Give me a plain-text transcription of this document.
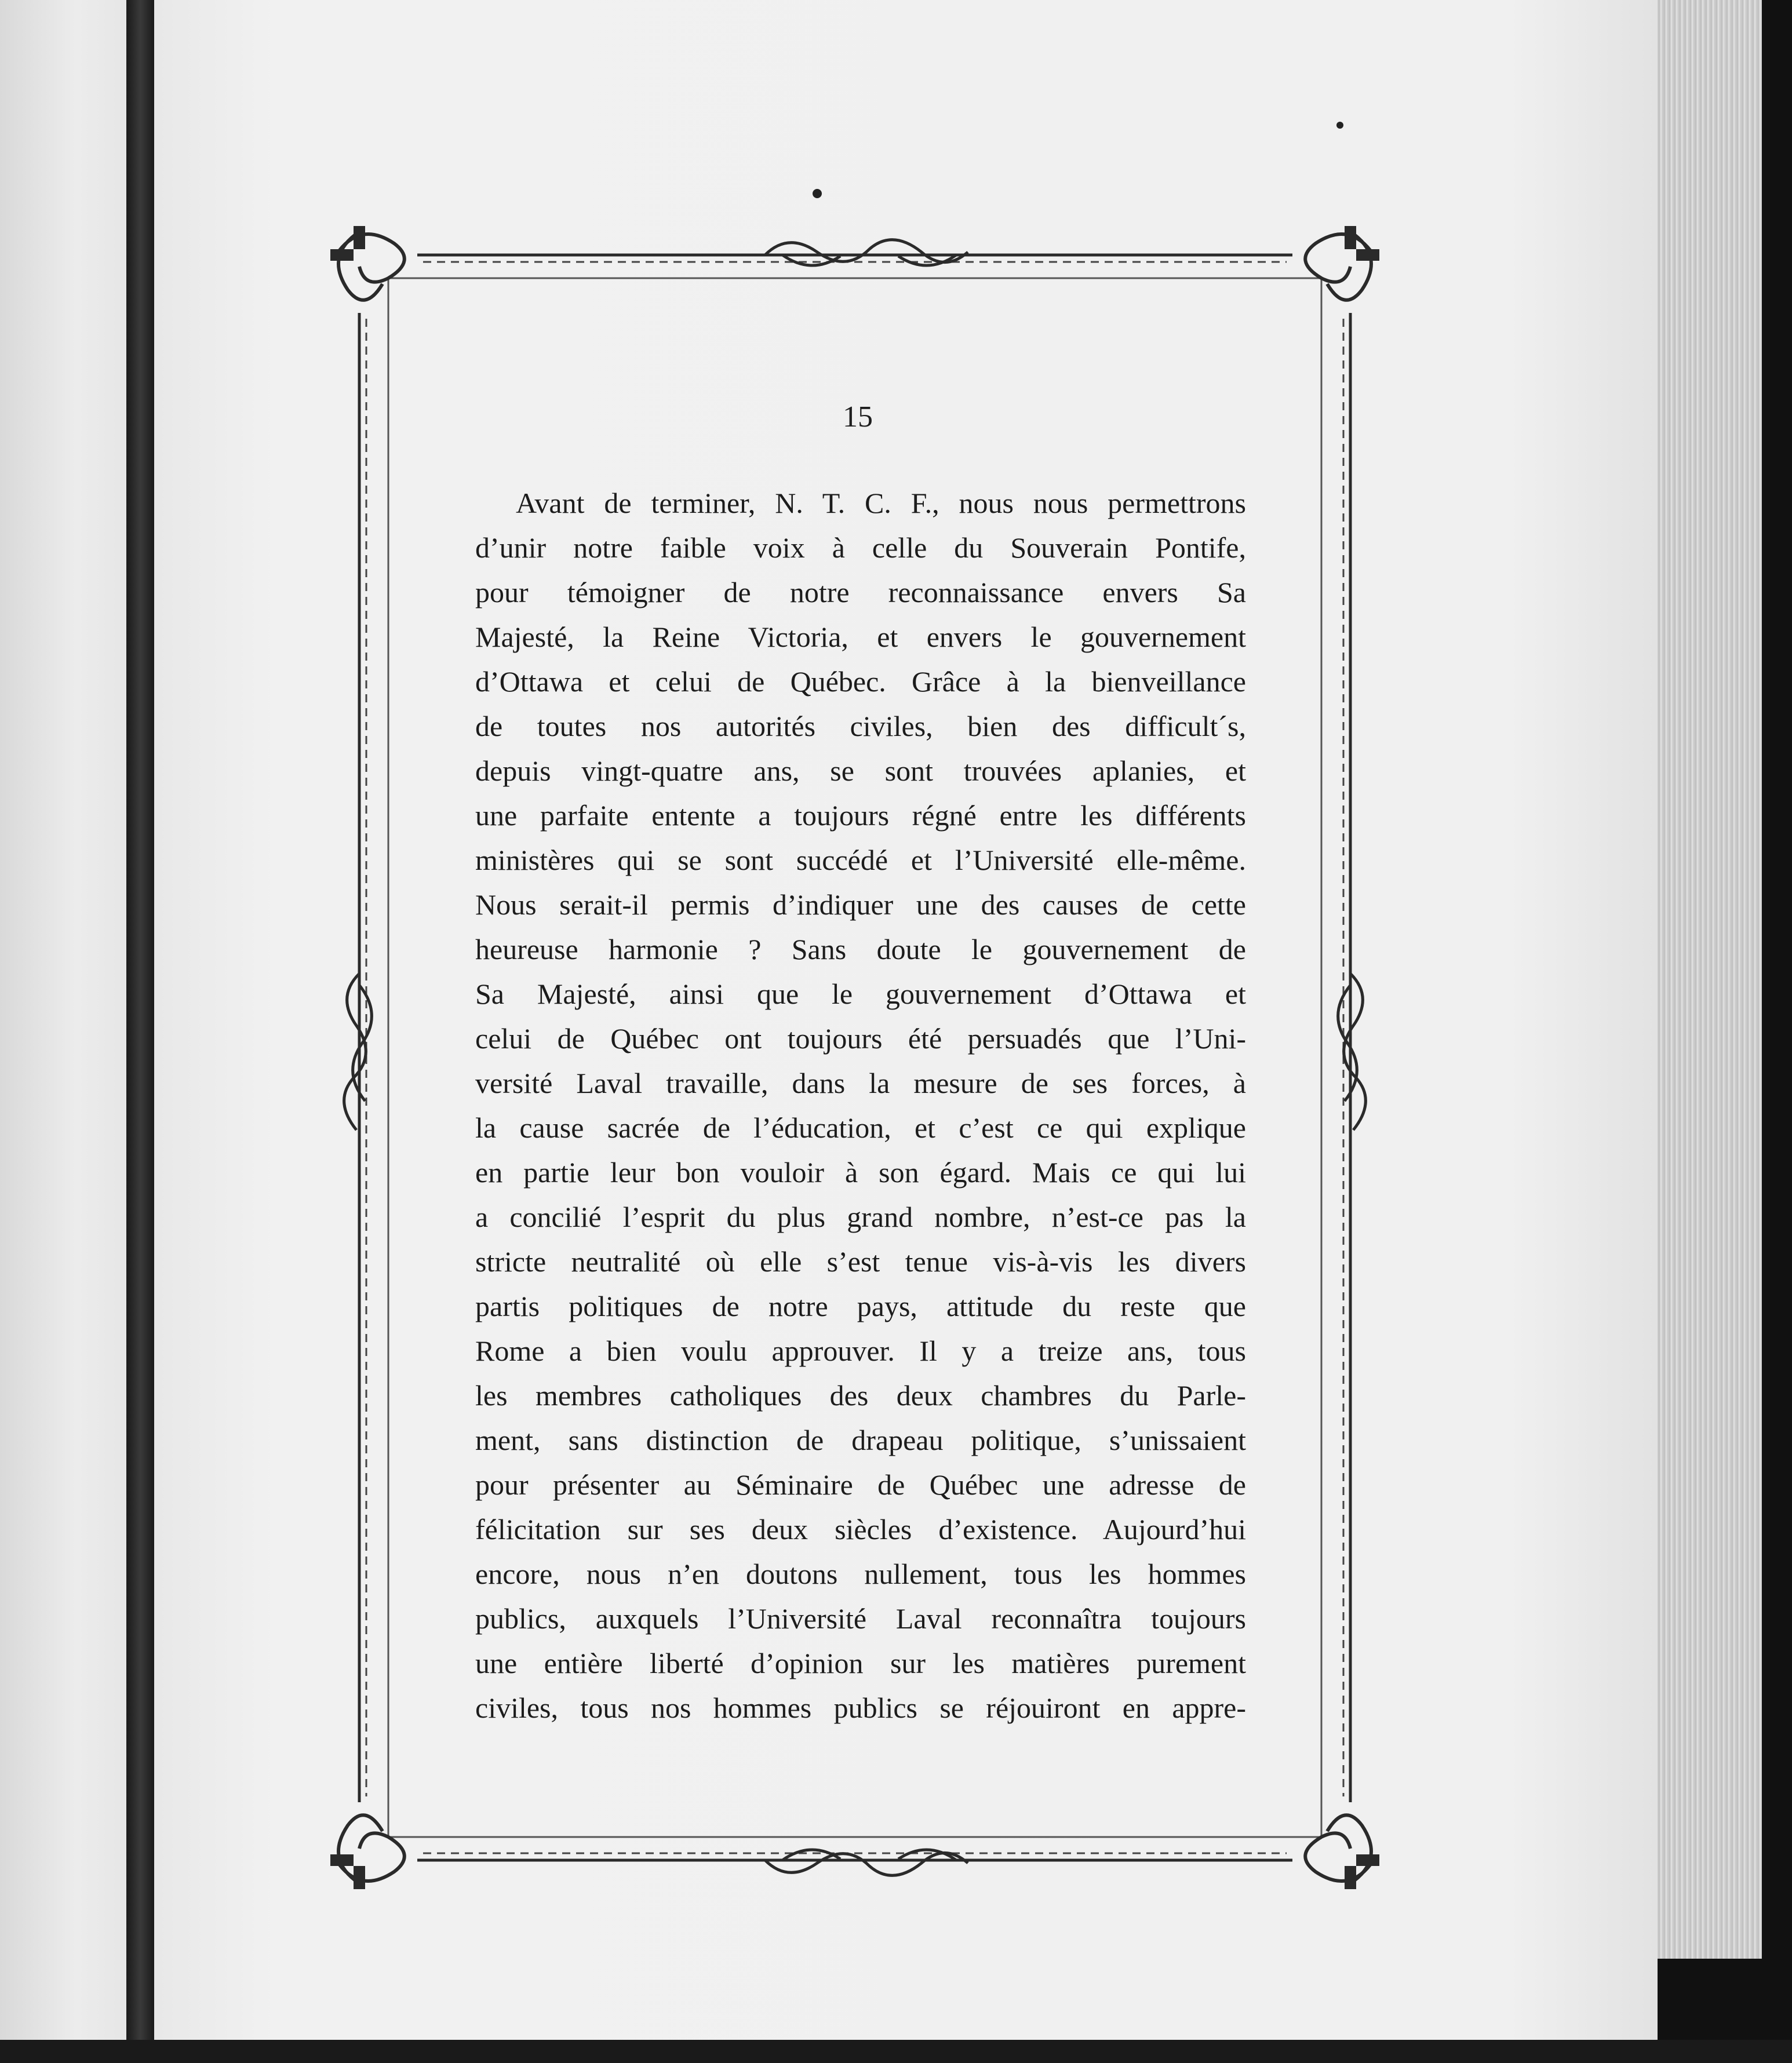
15
Avant de terminer, N. T. C. F., nous nous permettrons
d’unir notre faible voix à celle du Souverain Pontife,
pour témoigner de notre reconnaissance envers Sa
Majesté, la Reine Victoria, et envers le gouvernement
d’Ottawa et celui de Québec. Grâce à la bienveillance
de toutes nos autorités civiles, bien des difficult´s,
depuis vingt-quatre ans, se sont trouvées aplanies, et
une parfaite entente a toujours régné entre les différents
ministères qui se sont succédé et l’Université elle-même.
Nous serait-il permis d’indiquer une des causes de cette
heureuse harmonie ? Sans doute le gouvernement de
Sa Majesté, ainsi que le gouvernement d’Ottawa et
celui de Québec ont toujours été persuadés que l’Uni-
versité Laval travaille, dans la mesure de ses forces, à
la cause sacrée de l’éducation, et c’est ce qui explique
en partie leur bon vouloir à son égard. Mais ce qui lui
a concilié l’esprit du plus grand nombre, n’est-ce pas la
stricte neutralité où elle s’est tenue vis-à-vis les divers
partis politiques de notre pays, attitude du reste que
Rome a bien voulu approuver. Il y a treize ans, tous
les membres catholiques des deux chambres du Parle-
ment, sans distinction de drapeau politique, s’unissaient
pour présenter au Séminaire de Québec une adresse de
félicitation sur ses deux siècles d’existence. Aujourd’hui
encore, nous n’en doutons nullement, tous les hommes
publics, auxquels l’Université Laval reconnaîtra toujours
une entière liberté d’opinion sur les matières purement
civiles, tous nos hommes publics se réjouiront en appre-
